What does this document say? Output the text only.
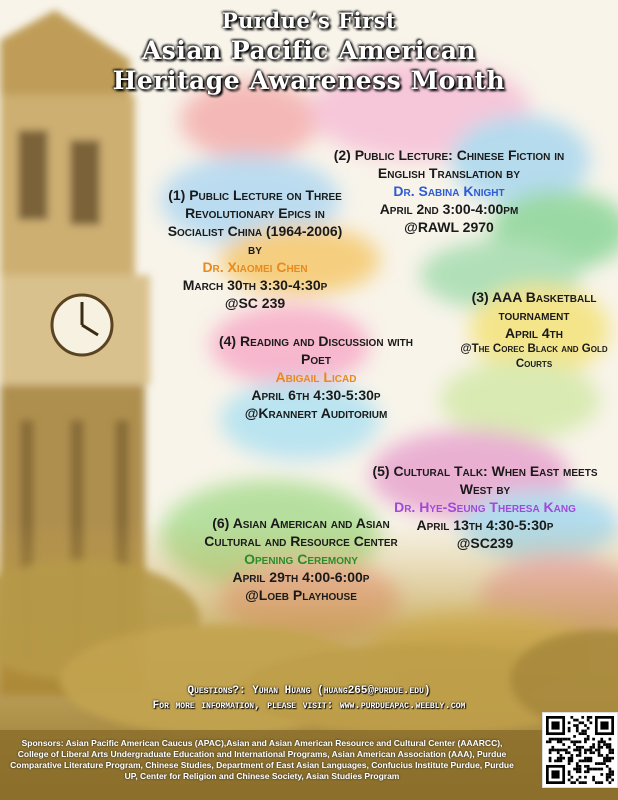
Purdue’s First
Asian Pacific American
Heritage Awareness Month
(1) Public Lecture on Three Revolutionary Epics in Socialist China (1964-2006) by
Dr. Xiaomei Chen
March 30th 3:30-4:30p
@SC 239
(2) Public Lecture: Chinese Fiction in English Translation by
Dr. Sabina Knight
April 2nd 3:00-4:00pm
@RAWL 2970
(3) AAA Basketball tournament
April 4th
@The Corec Black and Gold Courts
(4) Reading and Discussion with Poet
Abigail Licad
April 6th 4:30-5:30p
@Krannert Auditorium
(5) Cultural Talk: When East meets West by
Dr. Hye-Seung Theresa Kang
April 13th 4:30-5:30p
@SC239
(6) Asian American and Asian Cultural and Resource Center
Opening Ceremony
April 29th 4:00-6:00p
@Loeb Playhouse
Questions?: Yuhan Huang (huang265@purdue.edu)
For more information, please visit: www.purdueapac.weebly.com
Sponsors: Asian Pacific American Caucus (APAC),Asian and Asian American Resource and Cultural Center (AAARCC), College of Liberal Arts Undergraduate Education and International Programs, Asian American Association (AAA), Purdue Comparative Literature Program, Chinese Studies, Department of East Asian Languages, Confucius Institute Purdue, Purdue UP, Center for Religion and Chinese Society, Asian Studies Program
